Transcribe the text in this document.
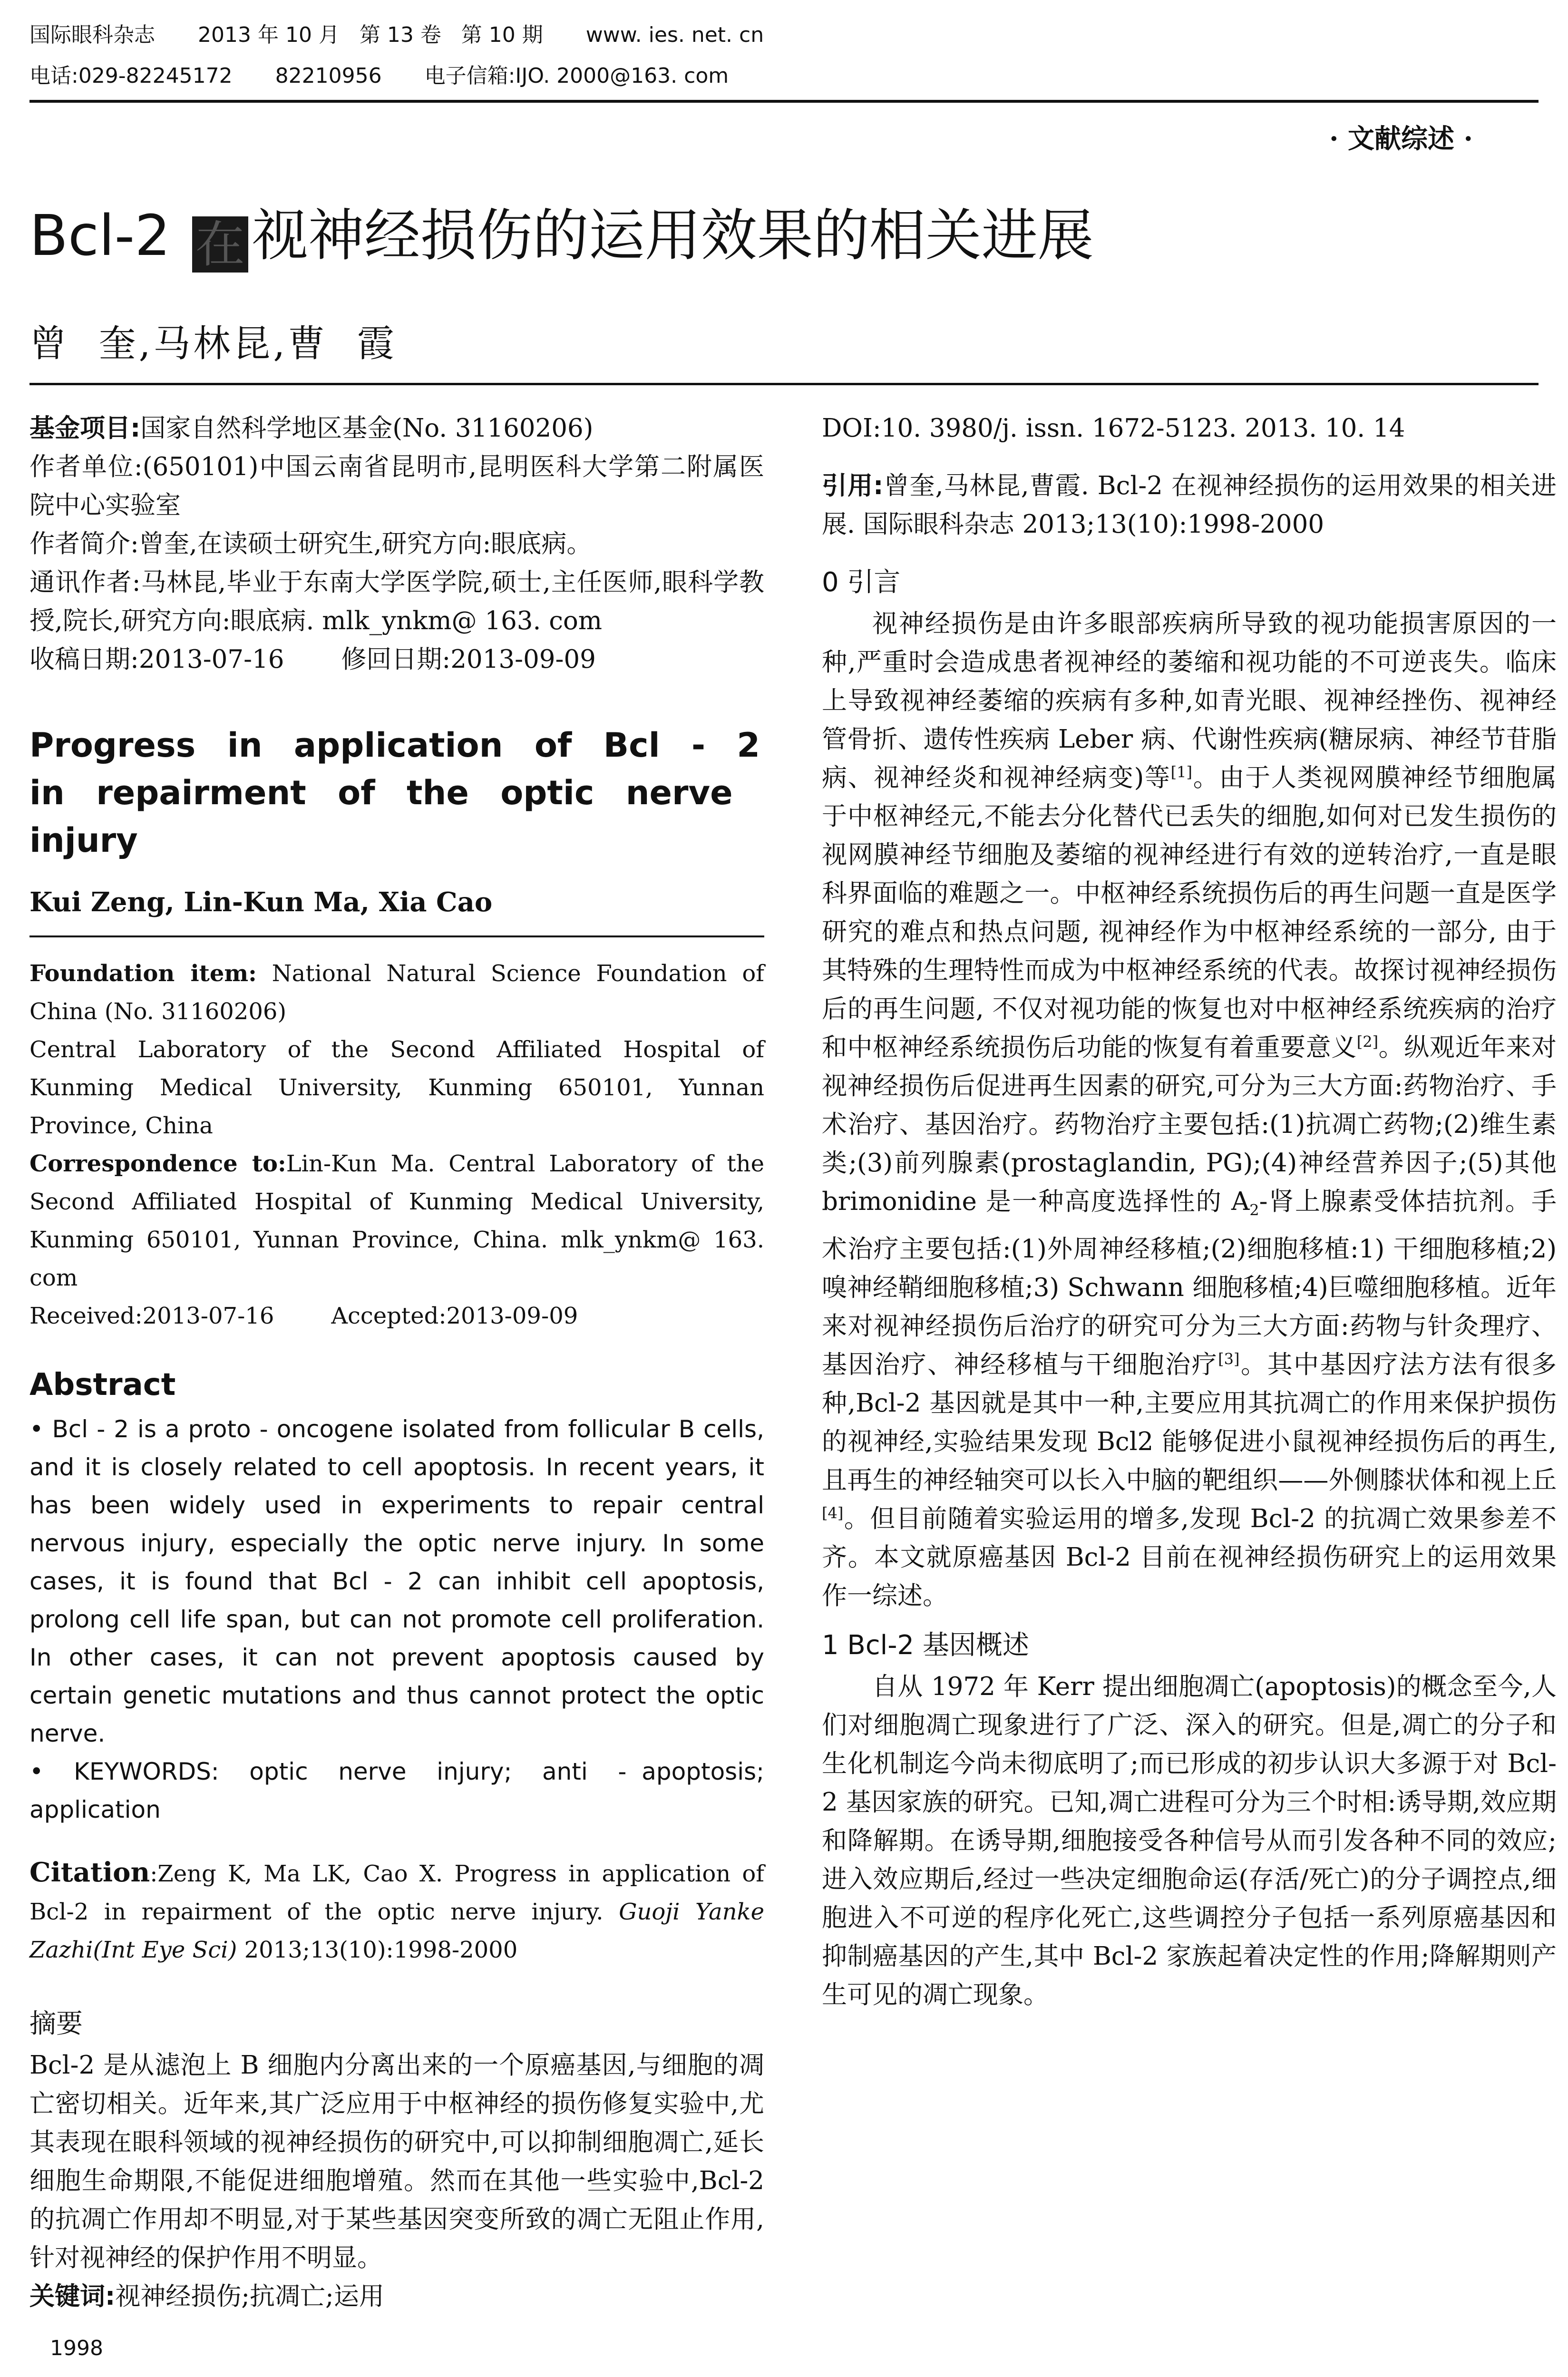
国际眼科杂志 2013 年 10 月   第 13 卷   第 10 期 www. ies. net. cn
电话:029-82245172 82210956 电子信箱:IJO. 2000@163. com
· 文献综述 ·
Bcl-2 在 视神经损伤的运用效果的相关进展
曾  奎,马林昆,曹  霞

基金项目:国家自然科学地区基金(No. 31160206)

作者单位:(650101)中国云南省昆明市,昆明医科大学第二附属医院中心实验室

作者简介:曾奎,在读硕士研究生,研究方向:眼底病。

通讯作者:马林昆,毕业于东南大学医学院,硕士,主任医师,眼科学教授,院长,研究方向:眼底病. mlk_ynkm@ 163. com

收稿日期:2013-07-16 修回日期:2013-09-09

Progress in application of Bcl - 2 in repairment of the optic nerve injury
Kui Zeng, Lin-Kun Ma, Xia Cao

Foundation item: National Natural Science Foundation of China (No. 31160206)

Central Laboratory of the Second Affiliated Hospital of Kunming Medical University, Kunming 650101, Yunnan Province, China

Correspondence to:Lin-Kun Ma. Central Laboratory of the Second Affiliated Hospital of Kunming Medical University, Kunming 650101, Yunnan Province, China. mlk_ynkm@ 163. com

Received:2013-07-16	Accepted:2013-09-09

Abstract

• Bcl - 2 is a proto - oncogene isolated from follicular B cells, and it is closely related to cell apoptosis. In recent years, it has been widely used in experiments to repair central nervous injury, especially the optic nerve injury. In some cases, it is found that Bcl - 2 can inhibit cell apoptosis, prolong cell life span, but can not promote cell proliferation. In other cases, it can not prevent apoptosis caused by certain genetic mutations and thus cannot protect the optic nerve.

•  KEYWORDS:  optic  nerve  injury;  anti  - apoptosis; application

Citation:Zeng K, Ma LK, Cao X. Progress in application of Bcl-2 in repairment of the optic nerve injury. Guoji Yanke Zazhi(Int Eye Sci) 2013;13(10):1998-2000

摘要

Bcl-2 是从滤泡上 B 细胞内分离出来的一个原癌基因,与细胞的凋亡密切相关。近年来,其广泛应用于中枢神经的损伤修复实验中,尤其表现在眼科领域的视神经损伤的研究中,可以抑制细胞凋亡,延长细胞生命期限,不能促进细胞增殖。然而在其他一些实验中,Bcl-2 的抗凋亡作用却不明显,对于某些基因突变所致的凋亡无阻止作用,针对视神经的保护作用不明显。

关键词:视神经损伤;抗凋亡;运用

DOI:10. 3980/j. issn. 1672-5123. 2013. 10. 14

引用:曾奎,马林昆,曹霞. Bcl-2 在视神经损伤的运用效果的相关进展. 国际眼科杂志 2013;13(10):1998-2000

0 引言

视神经损伤是由许多眼部疾病所导致的视功能损害原因的一种,严重时会造成患者视神经的萎缩和视功能的不可逆丧失。临床上导致视神经萎缩的疾病有多种,如青光眼、视神经挫伤、视神经管骨折、遗传性疾病 Leber 病、代谢性疾病(糖尿病、神经节苷脂病、视神经炎和视神经病变)等[1]。由于人类视网膜神经节细胞属于中枢神经元,不能去分化替代已丢失的细胞,如何对已发生损伤的视网膜神经节细胞及萎缩的视神经进行有效的逆转治疗,一直是眼科界面临的难题之一。中枢神经系统损伤后的再生问题一直是医学研究的难点和热点问题, 视神经作为中枢神经系统的一部分, 由于其特殊的生理特性而成为中枢神经系统的代表。故探讨视神经损伤后的再生问题, 不仅对视功能的恢复也对中枢神经系统疾病的治疗和中枢神经系统损伤后功能的恢复有着重要意义[2]。纵观近年来对视神经损伤后促进再生因素的研究,可分为三大方面:药物治疗、手术治疗、基因治疗。药物治疗主要包括:(1)抗凋亡药物;(2)维生素类;(3)前列腺素(prostaglandin, PG);(4)神经营养因子;(5)其他 brimonidine 是一种高度选择性的 $A_2-$肾上腺素受体拮抗剂。手术治疗主要包括:(1)外周神经移植;(2)细胞移植:1) 干细胞移植;2) 嗅神经鞘细胞移植;3) Schwann 细胞移植;4)巨噬细胞移植。近年来对视神经损伤后治疗的研究可分为三大方面:药物与针灸理疗、基因治疗、神经移植与干细胞治疗[3]。其中基因疗法方法有很多种,Bcl-2 基因就是其中一种,主要应用其抗凋亡的作用来保护损伤的视神经,实验结果发现 Bcl2 能够促进小鼠视神经损伤后的再生,且再生的神经轴突可以长入中脑的靶组织——外侧膝状体和视上丘[4]。但目前随着实验运用的增多,发现 Bcl-2 的抗凋亡效果参差不齐。本文就原癌基因 Bcl-2 目前在视神经损伤研究上的运用效果作一综述。

1 Bcl-2 基因概述

自从 1972 年 Kerr 提出细胞凋亡(apoptosis)的概念至今,人们对细胞凋亡现象进行了广泛、深入的研究。但是,凋亡的分子和生化机制迄今尚未彻底明了;而已形成的初步认识大多源于对 Bcl-2 基因家族的研究。已知,凋亡进程可分为三个时相:诱导期,效应期和降解期。在诱导期,细胞接受各种信号从而引发各种不同的效应;进入效应期后,经过一些决定细胞命运(存活/死亡)的分子调控点,细胞进入不可逆的程序化死亡,这些调控分子包括一系列原癌基因和抑制癌基因的产生,其中 Bcl-2 家族起着决定性的作用;降解期则产生可见的凋亡现象。

1998
